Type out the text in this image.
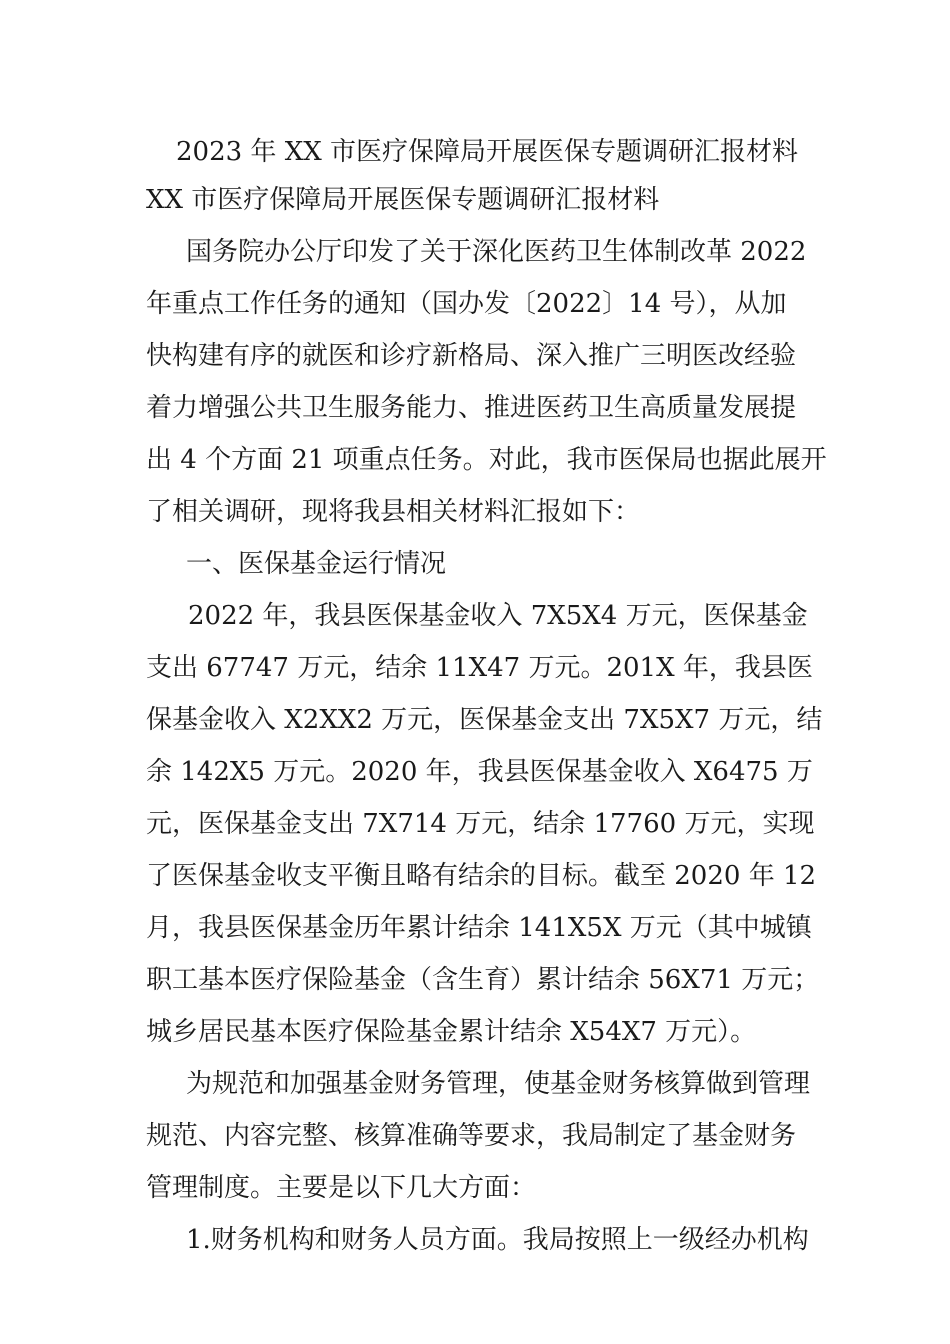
2023 年 XX 市医疗保障局开展医保专题调研汇报材料
XX 市医疗保障局开展医保专题调研汇报材料
国务院办公厅印发了关于深化医药卫生体制改革 2022
年重点工作任务的通知（国办发〔2022〕14 号），从加
快构建有序的就医和诊疗新格局、深入推广三明医改经验
着力增强公共卫生服务能力、推进医药卫生高质量发展提
出 4 个方面 21 项重点任务。对此，我市医保局也据此展开
了相关调研，现将我县相关材料汇报如下：
一、医保基金运行情况
2022 年，我县医保基金收入 7X5X4 万元，医保基金
支出 67747 万元，结余 11X47 万元。201X 年，我县医
保基金收入 X2XX2 万元，医保基金支出 7X5X7 万元，结
余 142X5 万元。2020 年，我县医保基金收入 X6475 万
元，医保基金支出 7X714 万元，结余 17760 万元，实现
了医保基金收支平衡且略有结余的目标。截至 2020 年 12
月，我县医保基金历年累计结余 141X5X 万元（其中城镇
职工基本医疗保险基金（含生育）累计结余 56X71 万元；
城乡居民基本医疗保险基金累计结余 X54X7 万元）。
为规范和加强基金财务管理，使基金财务核算做到管理
规范、内容完整、核算准确等要求，我局制定了基金财务
管理制度。主要是以下几大方面：
1.财务机构和财务人员方面。我局按照上一级经办机构
